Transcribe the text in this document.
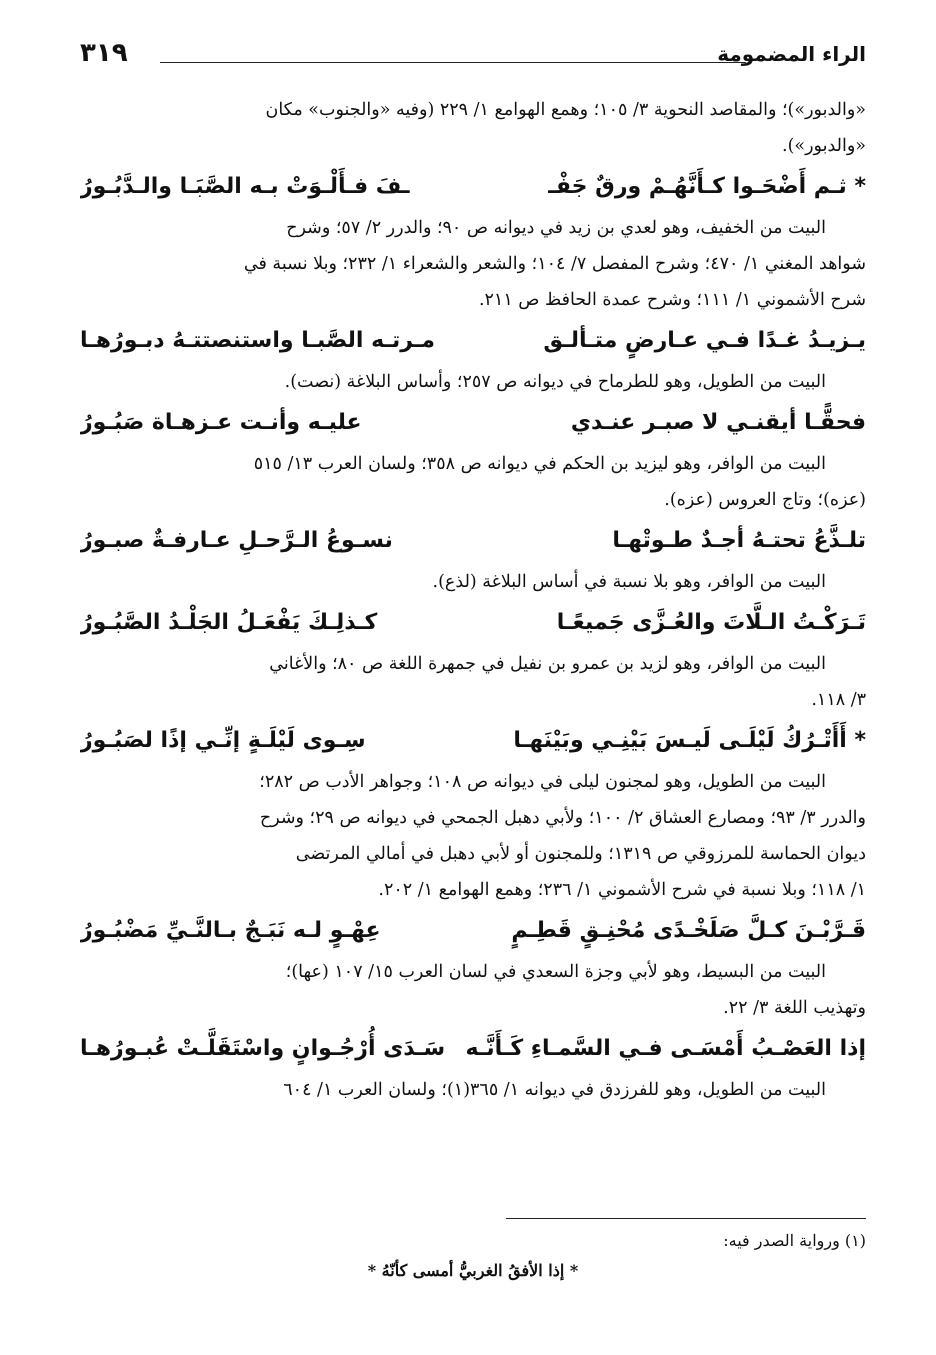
٣١٩	الراء المضمومة
«والدبور»)؛ والمقاصد النحوية ٣/ ١٠٥؛ وهمع الهوامع ١/ ٢٢٩ (وفيه «والجنوب» مكان
«والدبور»).
* ثـم أَضْحَـوا كـأَنَّهُـمْ ورقٌ جَفْـ
ـفَ فـأَلْـوَتْ بـه الصَّبَـا والـدَّبُـورُ
البيت من الخفيف، وهو لعدي بن زيد في ديوانه ص ٩٠؛ والدرر ٢/ ٥٧؛ وشرح
شواهد المغني ١/ ٤٧٠؛ وشرح المفصل ٧/ ١٠٤؛ والشعر والشعراء ١/ ٢٣٢؛ وبلا نسبة في
شرح الأشموني ١/ ١١١؛ وشرح عمدة الحافظ ص ٢١١.
يـزيـدُ غـدًا فـي عـارضٍ متـألـق
مـرتـه الصَّبـا واستنصتتـهُ دبـورُهـا
البيت من الطويل، وهو للطرماح في ديوانه ص ٢٥٧؛ وأساس البلاغة (نصت).
فحقًّـا أيقنـي لا صبـر عنـدي
عليـه وأنـت عـزهـاة صَبُـورُ
البيت من الوافر، وهو ليزيد بن الحكم في ديوانه ص ٣٥٨؛ ولسان العرب ١٣/ ٥١٥
(عزه)؛ وتاج العروس (عزه).
تلـذَّعُ تحتـهُ أجـدٌ طـوتْهـا
نسـوعُ الـرَّحـلِ عـارفـةٌ صبـورُ
البيت من الوافر، وهو بلا نسبة في أساس البلاغة (لذع).
تَـرَكْـتُ الـلَّاتَ والعُـزَّى جَميعًـا
كـذلِـكَ يَفْعَـلُ الجَلْـدُ الصَّبُـورُ
البيت من الوافر، وهو لزيد بن عمرو بن نفيل في جمهرة اللغة ص ٨٠؛ والأغاني
٣/ ١١٨.
* أَأَتْـرُكُ لَيْلَـى لَيـسَ بَيْنِـي وبَيْنَهـا
سِـوى لَيْلَـةٍ إنِّـي إذًا لصَبُـورُ
البيت من الطويل، وهو لمجنون ليلى في ديوانه ص ١٠٨؛ وجواهر الأدب ص ٢٨٢؛
والدرر ٣/ ٩٣؛ ومصارع العشاق ٢/ ١٠٠؛ ولأبي دهبل الجمحي في ديوانه ص ٢٩؛ وشرح
ديوان الحماسة للمرزوقي ص ١٣١٩؛ وللمجنون أو لأبي دهبل في أمالي المرتضى
١/ ١١٨؛ وبلا نسبة في شرح الأشموني ١/ ٢٣٦؛ وهمع الهوامع ١/ ٢٠٢.
قَـرَّبْـنَ كـلَّ صَلَخْـدًى مُحْنِـقٍ قَطِـمٍ
عِهْـوٍ لـه نَبَـجٌ بـالنَّـيِّ مَضْبُـورُ
البيت من البسيط، وهو لأبي وجزة السعدي في لسان العرب ١٥/ ١٠٧ (عها)؛
وتهذيب اللغة ٣/ ٢٢.
إذا العَصْـبُ أَمْسَـى فـي السَّمـاءِ كَـأَنَّـه
سَـدَى أُرْجُـوانٍ واسْتَقَلَّـتْ عُبـورُهـا
البيت من الطويل، وهو للفرزدق في ديوانه ١/ ٣٦٥(١)؛ ولسان العرب ١/ ٦٠٤
(١) ورواية الصدر فيه:
* إذا الأفقُ الغربيُّ أمسى كأنّهُ *
